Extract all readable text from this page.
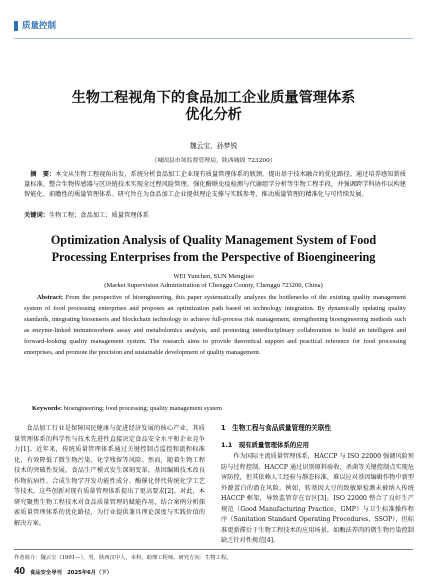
质量控制
生物工程视角下的食品加工企业质量管理体系
优化分析
魏云宝，孙梦锐
（城固县市场监督管理局，陕西城固 723200）
摘　要：本文从生物工程视角出发，系统分析食品加工企业现有质量管理体系的瓶颈，提出基于技术融合的优化路径。通过培养感知新质量标准，整合生物传感器与区块链技术实现全过程风险管理，强化酶联免疫检测与代谢组学分析等生物工程手段，并强调跨学科协作以构建智能化、前瞻性的质量管理体系。研究旨在为食品加工企业提供理论支撑与实践参考，推动质量管理的精准化与可持续发展。
关键词：生物工程；食品加工；质量管理体系
Optimization Analysis of Quality Management System of Food
Processing Enterprises from the Perspective of Bioengineering
WEI Yunchen, SUN Mengjiao
(Market Supervision Administration of Chenggu County, Chenggu 723200, China)
Abstract: From the perspective of bioengineering, this paper systematically analyzes the bottlenecks of the existing quality management system of food processing enterprises and proposes an optimization path based on technology integration. By dynamically updating quality standards, integrating biosensors and blockchain technology to achieve full-process risk management, strengthening bioengineering methods such as enzyme-linked immunosorbent assay and metabolomics analysis, and promoting interdisciplinary collaboration to build an intelligent and forward-looking quality management system. The research aims to provide theoretical support and practical reference for food processing enterprises, and promote the precision and sustainable development of quality management.
Keywords: bioengineering; food processing; quality management system
食品加工行业是保障国民健康与促进经济发展的核心产业，其质量管理体系的科学性与技术先进性直接决定食品安全水平和企业竞争力[1]。近年来，传统质量管理体系通过关键控制点监控和流程标准化，有效降低了微生物污染、化学残留等风险。然而，随着生物工程技术的突破性发展，食品生产模式发生深刻变革，基因编辑技术改良作物抗病性、合成生物学开发功能性成分、酶催化替代传统化学工艺等技术，这些创新对现有质量管理体系提出了更高要求[2]。对此，本研究聚焦生物工程技术对食品质量管理的赋能作用，结合案例分析探索质量管理体系的优化路径，为行业提供兼具理论深度与实践价值的解决方案。
1　生物工程与食品质量管理的关联性
1.1　现有质量管理体系的应用
作为国际主流质量管理体系，HACCP 与 ISO 22000 强调风险预防与过程控制。HACCP 通过识别原料验收、杀菌等关键控制点实现危害防控，但其依赖人工经验与静态标准，难以应对基因编辑作物中新型外源蛋白的潜在风险。例如，转基因大豆的致敏原检测未被纳入传统 HACCP 框架，导致监管存在盲区[3]。ISO 22000 整合了良好生产规范（Good Manufacturing Practice，GMP）与卫生标准操作程序（Sanitation Standard Operating Procedures，SSOP），但标准更新滞后于生物工程技术的应用场景，如酶法养肉的微生物污染控制缺乏针对性规范[4]。
作者简介：魏云宝（1991—），男，陕西汉中人，本科，助理工程师。研究方向：生物工程。
40 食品安全导刊　2025年6月（下）
